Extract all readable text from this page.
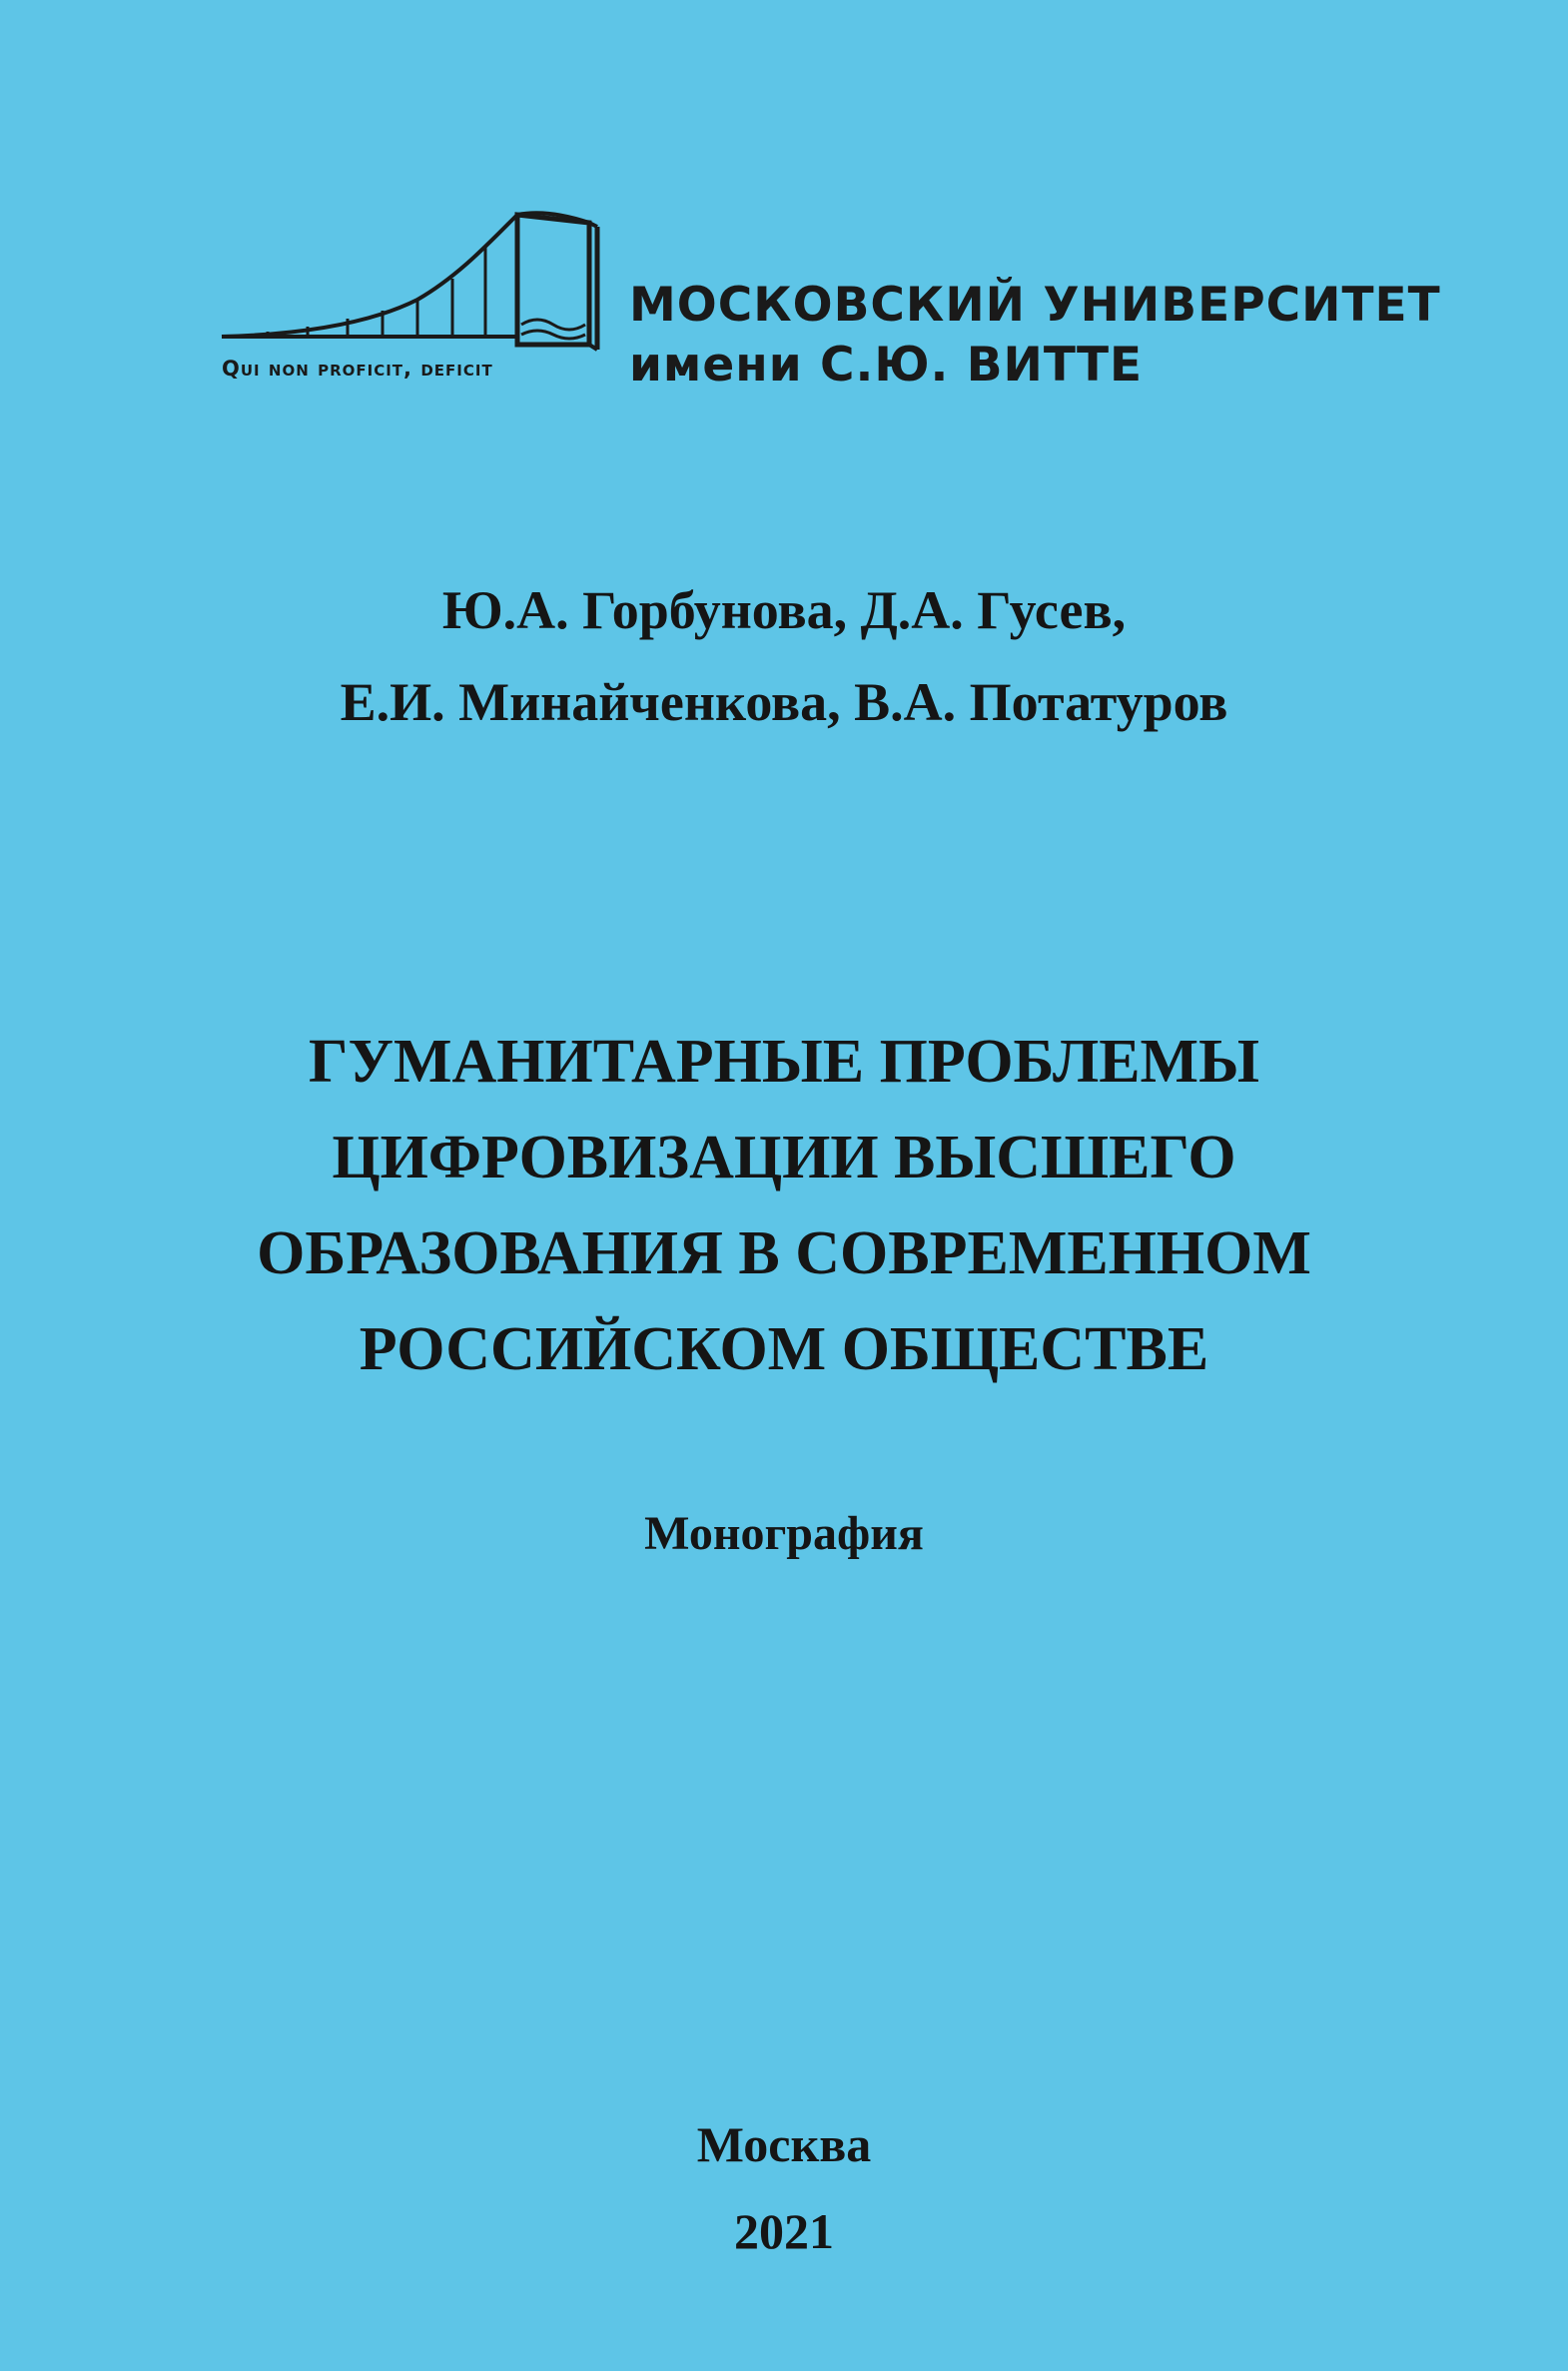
МОСКОВСКИЙ УНИВЕРСИТЕТ
имени С.Ю. ВИТТЕ
Qui non proficit, deficit
Ю.А. Горбунова, Д.А. Гусев,
Е.И. Минайченкова, В.А. Потатуров
ГУМАНИТАРНЫЕ ПРОБЛЕМЫ
ЦИФРОВИЗАЦИИ ВЫСШЕГО
ОБРАЗОВАНИЯ В СОВРЕМЕННОМ
РОССИЙСКОМ ОБЩЕСТВЕ
Монография
Москва
2021
